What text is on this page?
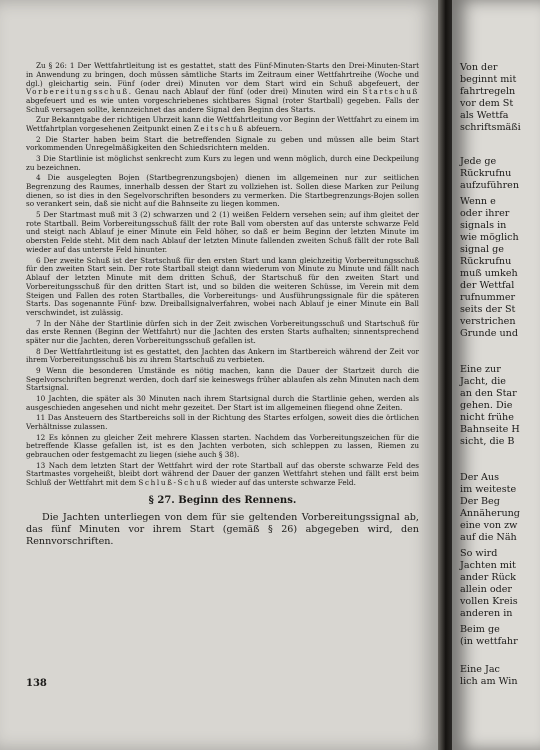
Zu § 26: 1 Der Wettfahrtleitung ist es gestattet, statt des Fünf-Minuten-Starts den Drei-Minuten-Start in Anwendung zu bringen, doch müssen sämtliche Starts im Zeitraum einer Wettfahrtreihe (Woche und dgl.) gleichartig sein. Fünf (oder drei) Minuten vor dem Start wird ein Schuß abgefeuert, der Vorbereitungsschuß. Genau nach Ablauf der fünf (oder drei) Minuten wird ein Startschuß abgefeuert und es wie unten vorgeschriebenes sichtbares Signal (roter Startball) gegeben. Falls der Schuß versagen sollte, kennzeichnet das andere Signal den Beginn des Starts.

Zur Bekanntgabe der richtigen Uhrzeit kann die Wettfahrtleitung vor Beginn der Wettfahrt zu einem im Wettfahrtplan vorgesehenen Zeitpunkt einen Zeitschuß abfeuern.

2 Die Starter haben beim Start die betreffenden Signale zu geben und müssen alle beim Start vorkommenden Unregelmäßigkeiten den Schiedsrichtern melden.

3 Die Startlinie ist möglichst senkrecht zum Kurs zu legen und wenn möglich, durch eine Deckpeilung zu bezeichnen.

4 Die ausgelegten Bojen (Startbegrenzungsbojen) dienen im allgemeinen nur zur seitlichen Begrenzung des Raumes, innerhalb dessen der Start zu vollziehen ist. Sollen diese Marken zur Peilung dienen, so ist dies in den Segelvorschriften besonders zu vermerken. Die Startbegrenzungs-Bojen sollen so verankert sein, daß sie nicht auf die Bahnseite zu liegen kommen.

5 Der Startmast muß mit 3 (2) schwarzen und 2 (1) weißen Feldern versehen sein; auf ihm gleitet der rote Startball. Beim Vorbereitungsschuß fällt der rote Ball vom obersten auf das unterste schwarze Feld und steigt nach Ablauf je einer Minute ein Feld höher, so daß er beim Beginn der letzten Minute im obersten Felde steht. Mit dem nach Ablauf der letzten Minute fallenden zweiten Schuß fällt der rote Ball wieder auf das unterste Feld hinunter.

6 Der zweite Schuß ist der Startschuß für den ersten Start und kann gleichzeitig Vorbereitungsschuß für den zweiten Start sein. Der rote Startball steigt dann wiederum von Minute zu Minute und fällt nach Ablauf der letzten Minute mit dem dritten Schuß, der Startschuß für den zweiten Start und Vorbereitungsschuß für den dritten Start ist, und so bilden die weiteren Schüsse, im Verein mit dem Steigen und Fallen des roten Startballes, die Vorbereitungs- und Ausführungssignale für die späteren Starts. Das sogenannte Fünf- bzw. Dreiballsignalverfahren, wobei nach Ablauf je einer Minute ein Ball verschwindet, ist zulässig.

7 In der Nähe der Startlinie dürfen sich in der Zeit zwischen Vorbereitungsschuß und Startschuß für das erste Rennen (Beginn der Wettfahrt) nur die Jachten des ersten Starts aufhalten; sinnentsprechend später nur die Jachten, deren Vorbereitungsschuß gefallen ist.

8 Der Wettfahrtleitung ist es gestattet, den Jachten das Ankern im Startbereich während der Zeit vor ihrem Vorbereitungsschuß bis zu ihrem Startschuß zu verbieten.

9 Wenn die besonderen Umstände es nötig machen, kann die Dauer der Startzeit durch die Segelvorschriften begrenzt werden, doch darf sie keineswegs früher ablaufen als zehn Minuten nach dem Startsignal.

10 Jachten, die später als 30 Minuten nach ihrem Startsignal durch die Startlinie gehen, werden als ausgeschieden angesehen und nicht mehr gezeitet. Der Start ist im allgemeinen fliegend ohne Zeiten.

11 Das Ansteuern des Startbereichs soll in der Richtung des Startes erfolgen, soweit dies die örtlichen Verhältnisse zulassen.

12 Es können zu gleicher Zeit mehrere Klassen starten. Nachdem das Vorbereitungszeichen für die betreffende Klasse gefallen ist, ist es den Jachten verboten, sich schleppen zu lassen, Riemen zu gebrauchen oder festgemacht zu liegen (siehe auch § 38).

13 Nach dem letzten Start der Wettfahrt wird der rote Startball auf das oberste schwarze Feld des Startmastes vorgeheißt, bleibt dort während der Dauer der ganzen Wettfahrt stehen und fällt erst beim Schluß der Wettfahrt mit dem Schluß-Schuß wieder auf das unterste schwarze Feld.

§ 27. Beginn des Rennens.

Die Jachten unterliegen von dem für sie geltenden Vorbereitungssignal ab, das fünf Minuten vor ihrem Start (gemäß § 26) abgegeben wird, den Rennvorschriften.

138
Von der
beginnt mit
fahrtregeln
vor dem St
als Wettfa
schriftsmäßi
Jede ge
Rückrufnu
aufzuführen
Wenn e
oder ihrer
signals in
wie möglich
signal ge
Rückrufnu
muß umkeh
der Wettfal
rufnummer
seits der St
verstrichen
Grunde und
Eine zur
Jacht, die
an den Star
gehen. Die
nicht frühe
Bahnseite H
sicht, die B
Der Aus
im weiteste
Der Beg
Annäherung
eine von zw
auf die Näh
So wird
Jachten mit
ander Rück
allein oder
vollen Kreis
anderen in
Beim ge
(in wettfahr
Eine Jac
lich am Win
